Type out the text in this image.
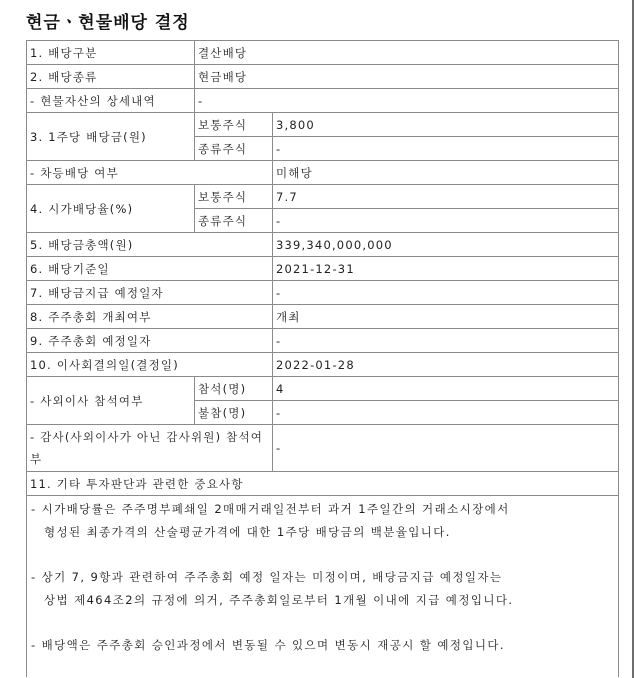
현금ㆍ현물배당 결정
1. 배당구분	결산배당	
2. 배당종류	현금배당	
- 현물자산의 상세내역	-	
3. 1주당 배당금(원)	보통주식	3,800
	종류주식	-
- 차등배당 여부		미해당
4. 시가배당율(%)	보통주식	7.7
	종류주식	-
5. 배당금총액(원)		339,340,000,000
6. 배당기준일		2021-12-31
7. 배당금지급 예정일자		-
8. 주주총회 개최여부		개최
9. 주주총회 예정일자		-
10. 이사회결의일(결정일)		2022-01-28
- 사외이사 참석여부	참석(명)	4
	불참(명)	-
- 감사(사외이사가 아닌 감사위원) 참석여부		-
11. 기타 투자판단과 관련한 중요사항		

- 시가배당률은 주주명부폐쇄일 2매매거래일전부터 과거 1주일간의 거래소시장에서

형성된 최종가격의 산술평균가격에 대한 1주당 배당금의 백분율입니다.

- 상기 7, 9항과 관련하여 주주총회 예정 일자는 미정이며, 배당금지급 예정일자는

상법 제464조2의 규정에 의거, 주주총회일로부터 1개월 이내에 지급 예정입니다.

- 배당액은 주주총회 승인과정에서 변동될 수 있으며 변동시 재공시 할 예정입니다.		
